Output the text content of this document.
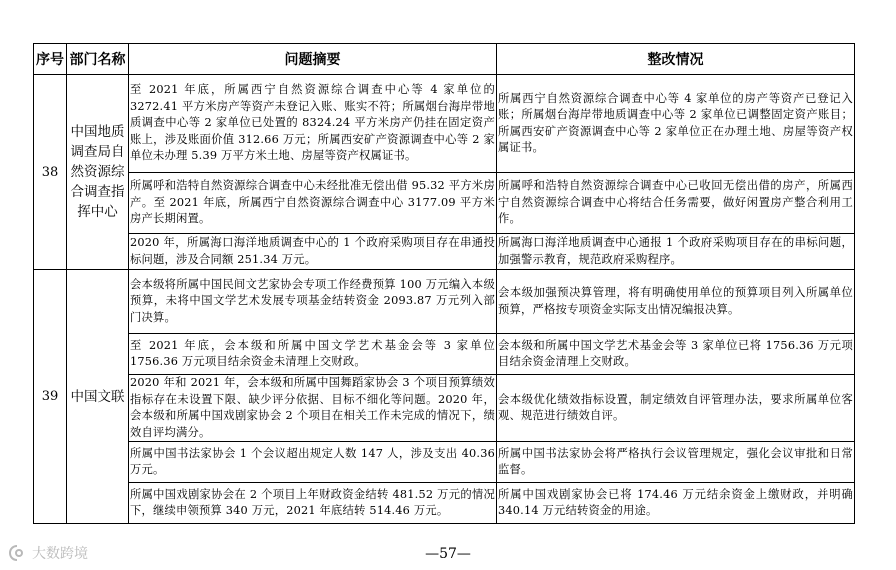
序号	部门名称	问题摘要	整改情况
38	中国地质调查局自然资源综合调查指挥中心	至 2021 年底，所属西宁自然资源综合调查中心等 4 家单位的 3272.41 平方米房产等资产未登记入账、账实不符；所属烟台海岸带地质调查中心等 2 家单位已处置的 8324.24 平方米房产仍挂在固定资产账上，涉及账面价值 312.66 万元；所属西安矿产资源调查中心等 2 家单位未办理 5.39 万平方米土地、房屋等资产权属证书。	所属西宁自然资源综合调查中心等 4 家单位的房产等资产已登记入账；所属烟台海岸带地质调查中心等 2 家单位已调整固定资产账目；所属西安矿产资源调查中心等 2 家单位正在办理土地、房屋等资产权属证书。
		所属呼和浩特自然资源综合调查中心未经批准无偿出借 95.32 平方米房产。至 2021 年底，所属西宁自然资源综合调查中心 3177.09 平方米房产长期闲置。	所属呼和浩特自然资源综合调查中心已收回无偿出借的房产，所属西宁自然资源综合调查中心将结合任务需要，做好闲置房产整合利用工作。
		2020 年，所属海口海洋地质调查中心的 1 个政府采购项目存在串通投标问题，涉及合同额 251.34 万元。	所属海口海洋地质调查中心通报 1 个政府采购项目存在的串标问题，加强警示教育，规范政府采购程序。
39	中国文联	会本级将所属中国民间文艺家协会专项工作经费预算 100 万元编入本级预算，未将中国文学艺术发展专项基金结转资金 2093.87 万元列入部门决算。	会本级加强预决算管理，将有明确使用单位的预算项目列入所属单位预算，严格按专项资金实际支出情况编报决算。
		至 2021 年底，会本级和所属中国文学艺术基金会等 3 家单位 1756.36 万元项目结余资金未清理上交财政。	会本级和所属中国文学艺术基金会等 3 家单位已将 1756.36 万元项目结余资金清理上交财政。
		2020 年和 2021 年，会本级和所属中国舞蹈家协会 3 个项目预算绩效指标存在未设置下限、缺少评分依据、目标不细化等问题。2020 年，会本级和所属中国戏剧家协会 2 个项目在相关工作未完成的情况下，绩效自评均满分。	会本级优化绩效指标设置，制定绩效自评管理办法，要求所属单位客观、规范进行绩效自评。
		所属中国书法家协会 1 个会议超出规定人数 147 人，涉及支出 40.36 万元。	所属中国书法家协会将严格执行会议管理规定，强化会议审批和日常监督。
		所属中国戏剧家协会在 2 个项目上年财政资金结转 481.52 万元的情况下，继续申领预算 340 万元，2021 年底结转 514.46 万元。	所属中国戏剧家协会已将 174.46 万元结余资金上缴财政，并明确 340.14 万元结转资金的用途。
大数跨境	—57—
